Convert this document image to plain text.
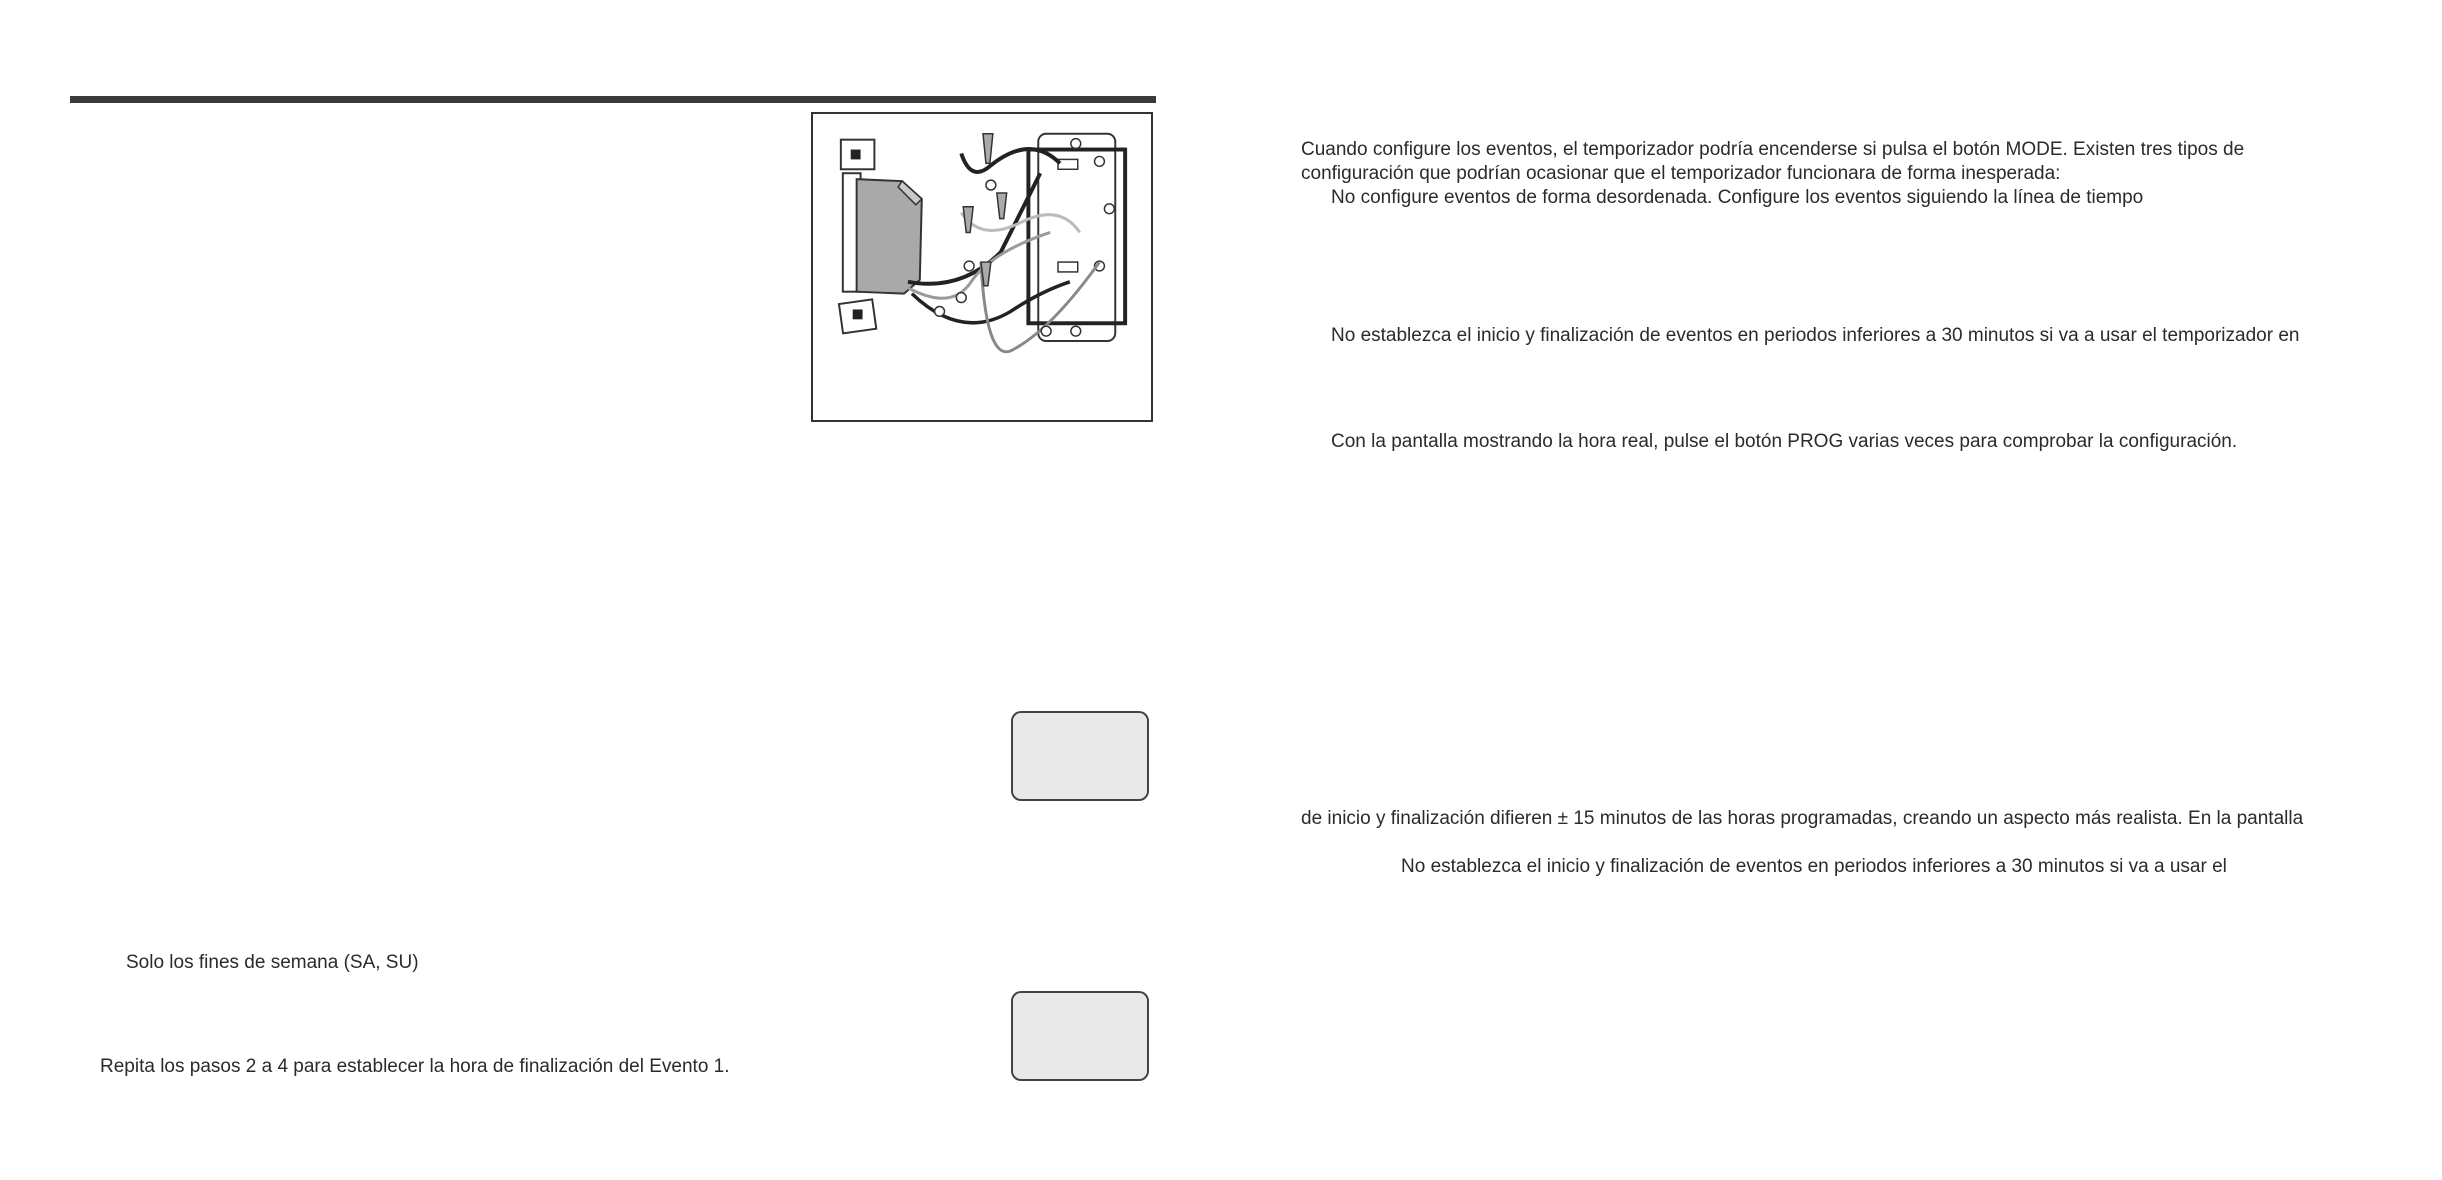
Solo los fines de semana (SA, SU)
Repita los pasos 2 a 4 para establecer la hora de finalización del Evento 1.
Cuando configure los eventos, el temporizador podría encenderse si pulsa el botón MODE. Existen tres tipos de
configuración que podrían ocasionar que el temporizador funcionara de forma inesperada:
No configure eventos de forma desordenada. Configure los eventos siguiendo la línea de tiempo
No establezca el inicio y finalización de eventos en periodos inferiores a 30 minutos si va a usar el temporizador en
Con la pantalla mostrando la hora real, pulse el botón PROG varias veces para comprobar la configuración.
de inicio y finalización difieren ± 15 minutos de las horas programadas, creando un aspecto más realista. En la pantalla
No establezca el inicio y finalización de eventos en periodos inferiores a 30 minutos si va a usar el
